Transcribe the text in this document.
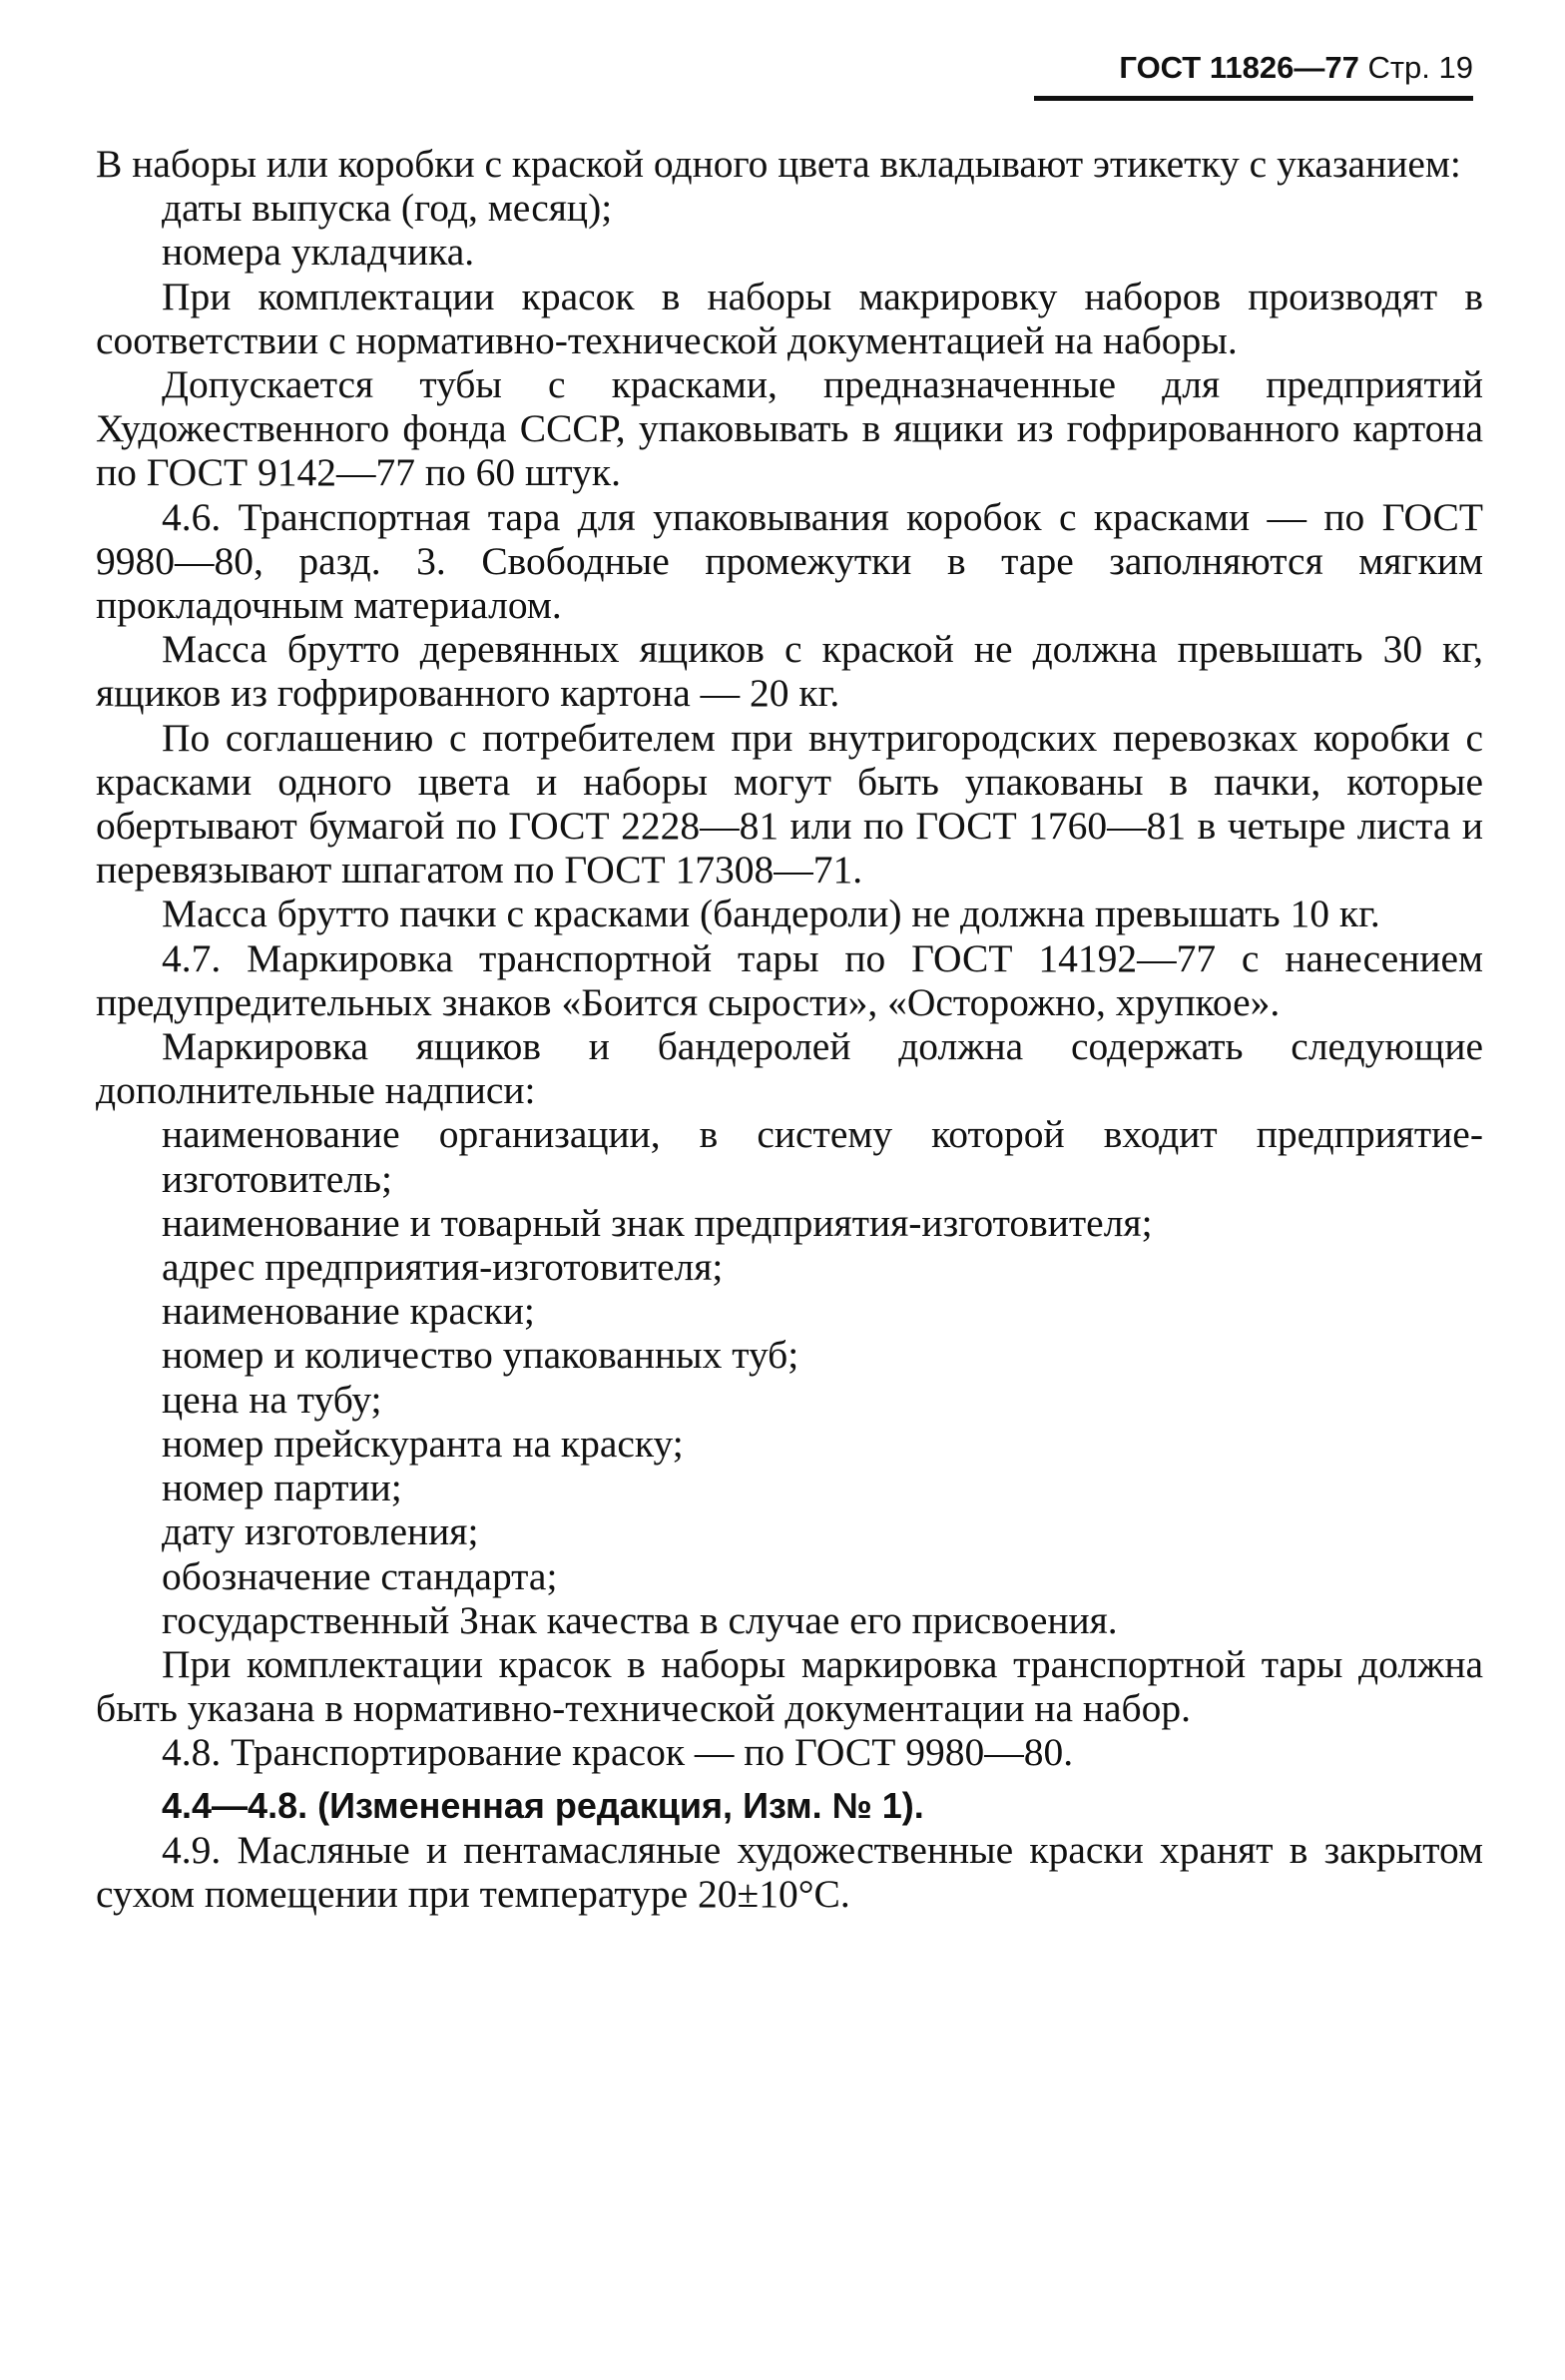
ГОСТ 11826—77 Стр. 19

В наборы или коробки с краской одного цвета вкладывают этикетку с указанием:

даты выпуска (год, месяц);

номера укладчика.

При комплектации красок в наборы макрировку наборов производят в соответствии с нормативно-технической документацией на наборы.

Допускается тубы с красками, предназначенные для предприятий Художественного фонда СССР, упаковывать в ящики из гофрированного картона по ГОСТ 9142—77 по 60 штук.

4.6. Транспортная тара для упаковывания коробок с красками — по ГОСТ 9980—80, разд. 3. Свободные промежутки в таре заполняются мягким прокладочным материалом.

Масса брутто деревянных ящиков с краской не должна превышать 30 кг, ящиков из гофрированного картона — 20 кг.

По соглашению с потребителем при внутригородских перевозках коробки с красками одного цвета и наборы могут быть упакованы в пачки, которые обертывают бумагой по ГОСТ 2228—81 или по ГОСТ 1760—81 в четыре листа и перевязывают шпагатом по ГОСТ 17308—71.

Масса брутто пачки с красками (бандероли) не должна превышать 10 кг.

4.7. Маркировка транспортной тары по ГОСТ 14192—77 с нанесением предупредительных знаков «Боится сырости», «Осторожно, хрупкое».

Маркировка ящиков и бандеролей должна содержать следующие дополнительные надписи:

наименование организации, в систему которой входит предприятие-изготовитель;

наименование и товарный знак предприятия-изготовителя;

адрес предприятия-изготовителя;

наименование краски;

номер и количество упакованных туб;

цена на тубу;

номер прейскуранта на краску;

номер партии;

дату изготовления;

обозначение стандарта;

государственный Знак качества в случае его присвоения.

При комплектации красок в наборы маркировка транспортной тары должна быть указана в нормативно-технической документации на набор.

4.8. Транспортирование красок — по ГОСТ 9980—80.

4.4—4.8. (Измененная редакция, Изм. № 1).

4.9. Масляные и пентамасляные художественные краски хранят в закрытом сухом помещении при температуре 20±10°С.
